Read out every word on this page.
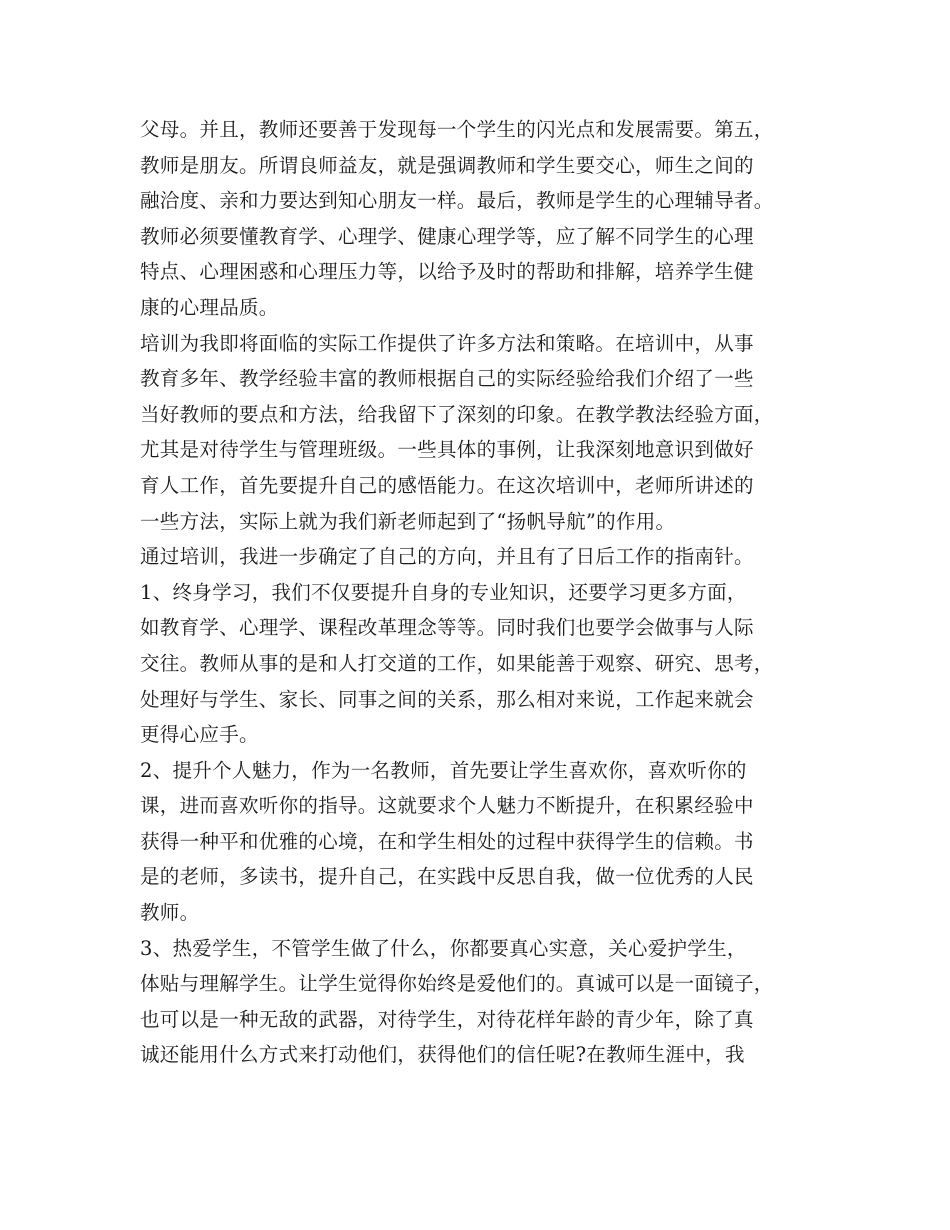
父母。并且，教师还要善于发现每一个学生的闪光点和发展需要。第五，
教师是朋友。所谓良师益友，就是强调教师和学生要交心，师生之间的
融洽度、亲和力要达到知心朋友一样。最后，教师是学生的心理辅导者。
教师必须要懂教育学、心理学、健康心理学等，应了解不同学生的心理
特点、心理困惑和心理压力等，以给予及时的帮助和排解，培养学生健
康的心理品质。
培训为我即将面临的实际工作提供了许多方法和策略。在培训中，从事
教育多年、教学经验丰富的教师根据自己的实际经验给我们介绍了一些
当好教师的要点和方法，给我留下了深刻的印象。在教学教法经验方面，
尤其是对待学生与管理班级。一些具体的事例，让我深刻地意识到做好
育人工作，首先要提升自己的感悟能力。在这次培训中，老师所讲述的
一些方法，实际上就为我们新老师起到了“扬帆导航”的作用。
通过培训，我进一步确定了自己的方向，并且有了日后工作的指南针。
1、终身学习，我们不仅要提升自身的专业知识，还要学习更多方面，
如教育学、心理学、课程改革理念等等。同时我们也要学会做事与人际
交往。教师从事的是和人打交道的工作，如果能善于观察、研究、思考，
处理好与学生、家长、同事之间的关系，那么相对来说，工作起来就会
更得心应手。
2、提升个人魅力，作为一名教师，首先要让学生喜欢你，喜欢听你的
课，进而喜欢听你的指导。这就要求个人魅力不断提升，在积累经验中
获得一种平和优雅的心境，在和学生相处的过程中获得学生的信赖。书
是的老师，多读书，提升自己，在实践中反思自我，做一位优秀的人民
教师。
3、热爱学生，不管学生做了什么，你都要真心实意，关心爱护学生，
体贴与理解学生。让学生觉得你始终是爱他们的。真诚可以是一面镜子，
也可以是一种无敌的武器，对待学生，对待花样年龄的青少年，除了真
诚还能用什么方式来打动他们，获得他们的信任呢?在教师生涯中，我
